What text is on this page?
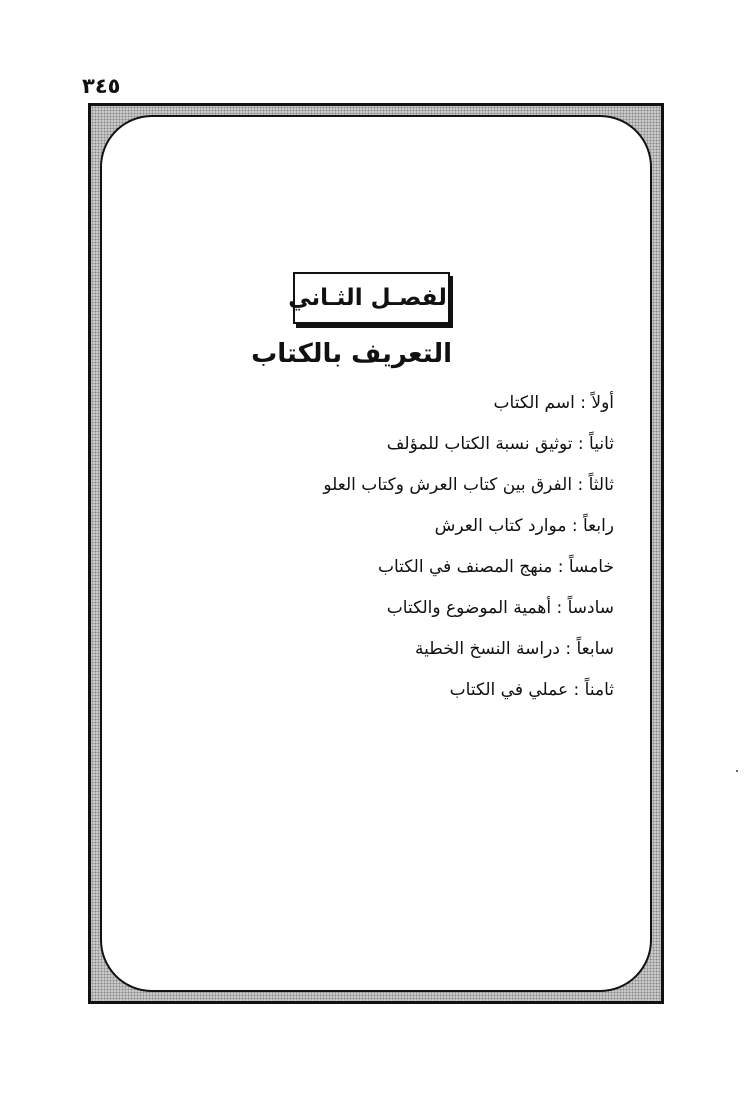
٣٤٥
الفصـل الثـاني
التعريف بالكتاب
أولاً : اسم الكتاب
ثانياً : توثيق نسبة الكتاب للمؤلف
ثالثاً : الفرق بين كتاب العرش وكتاب العلو
رابعاً : موارد كتاب العرش
خامساً : منهج المصنف في الكتاب
سادساً : أهمية الموضوع والكتاب
سابعاً : دراسة النسخ الخطية
ثامناً : عملي في الكتاب
